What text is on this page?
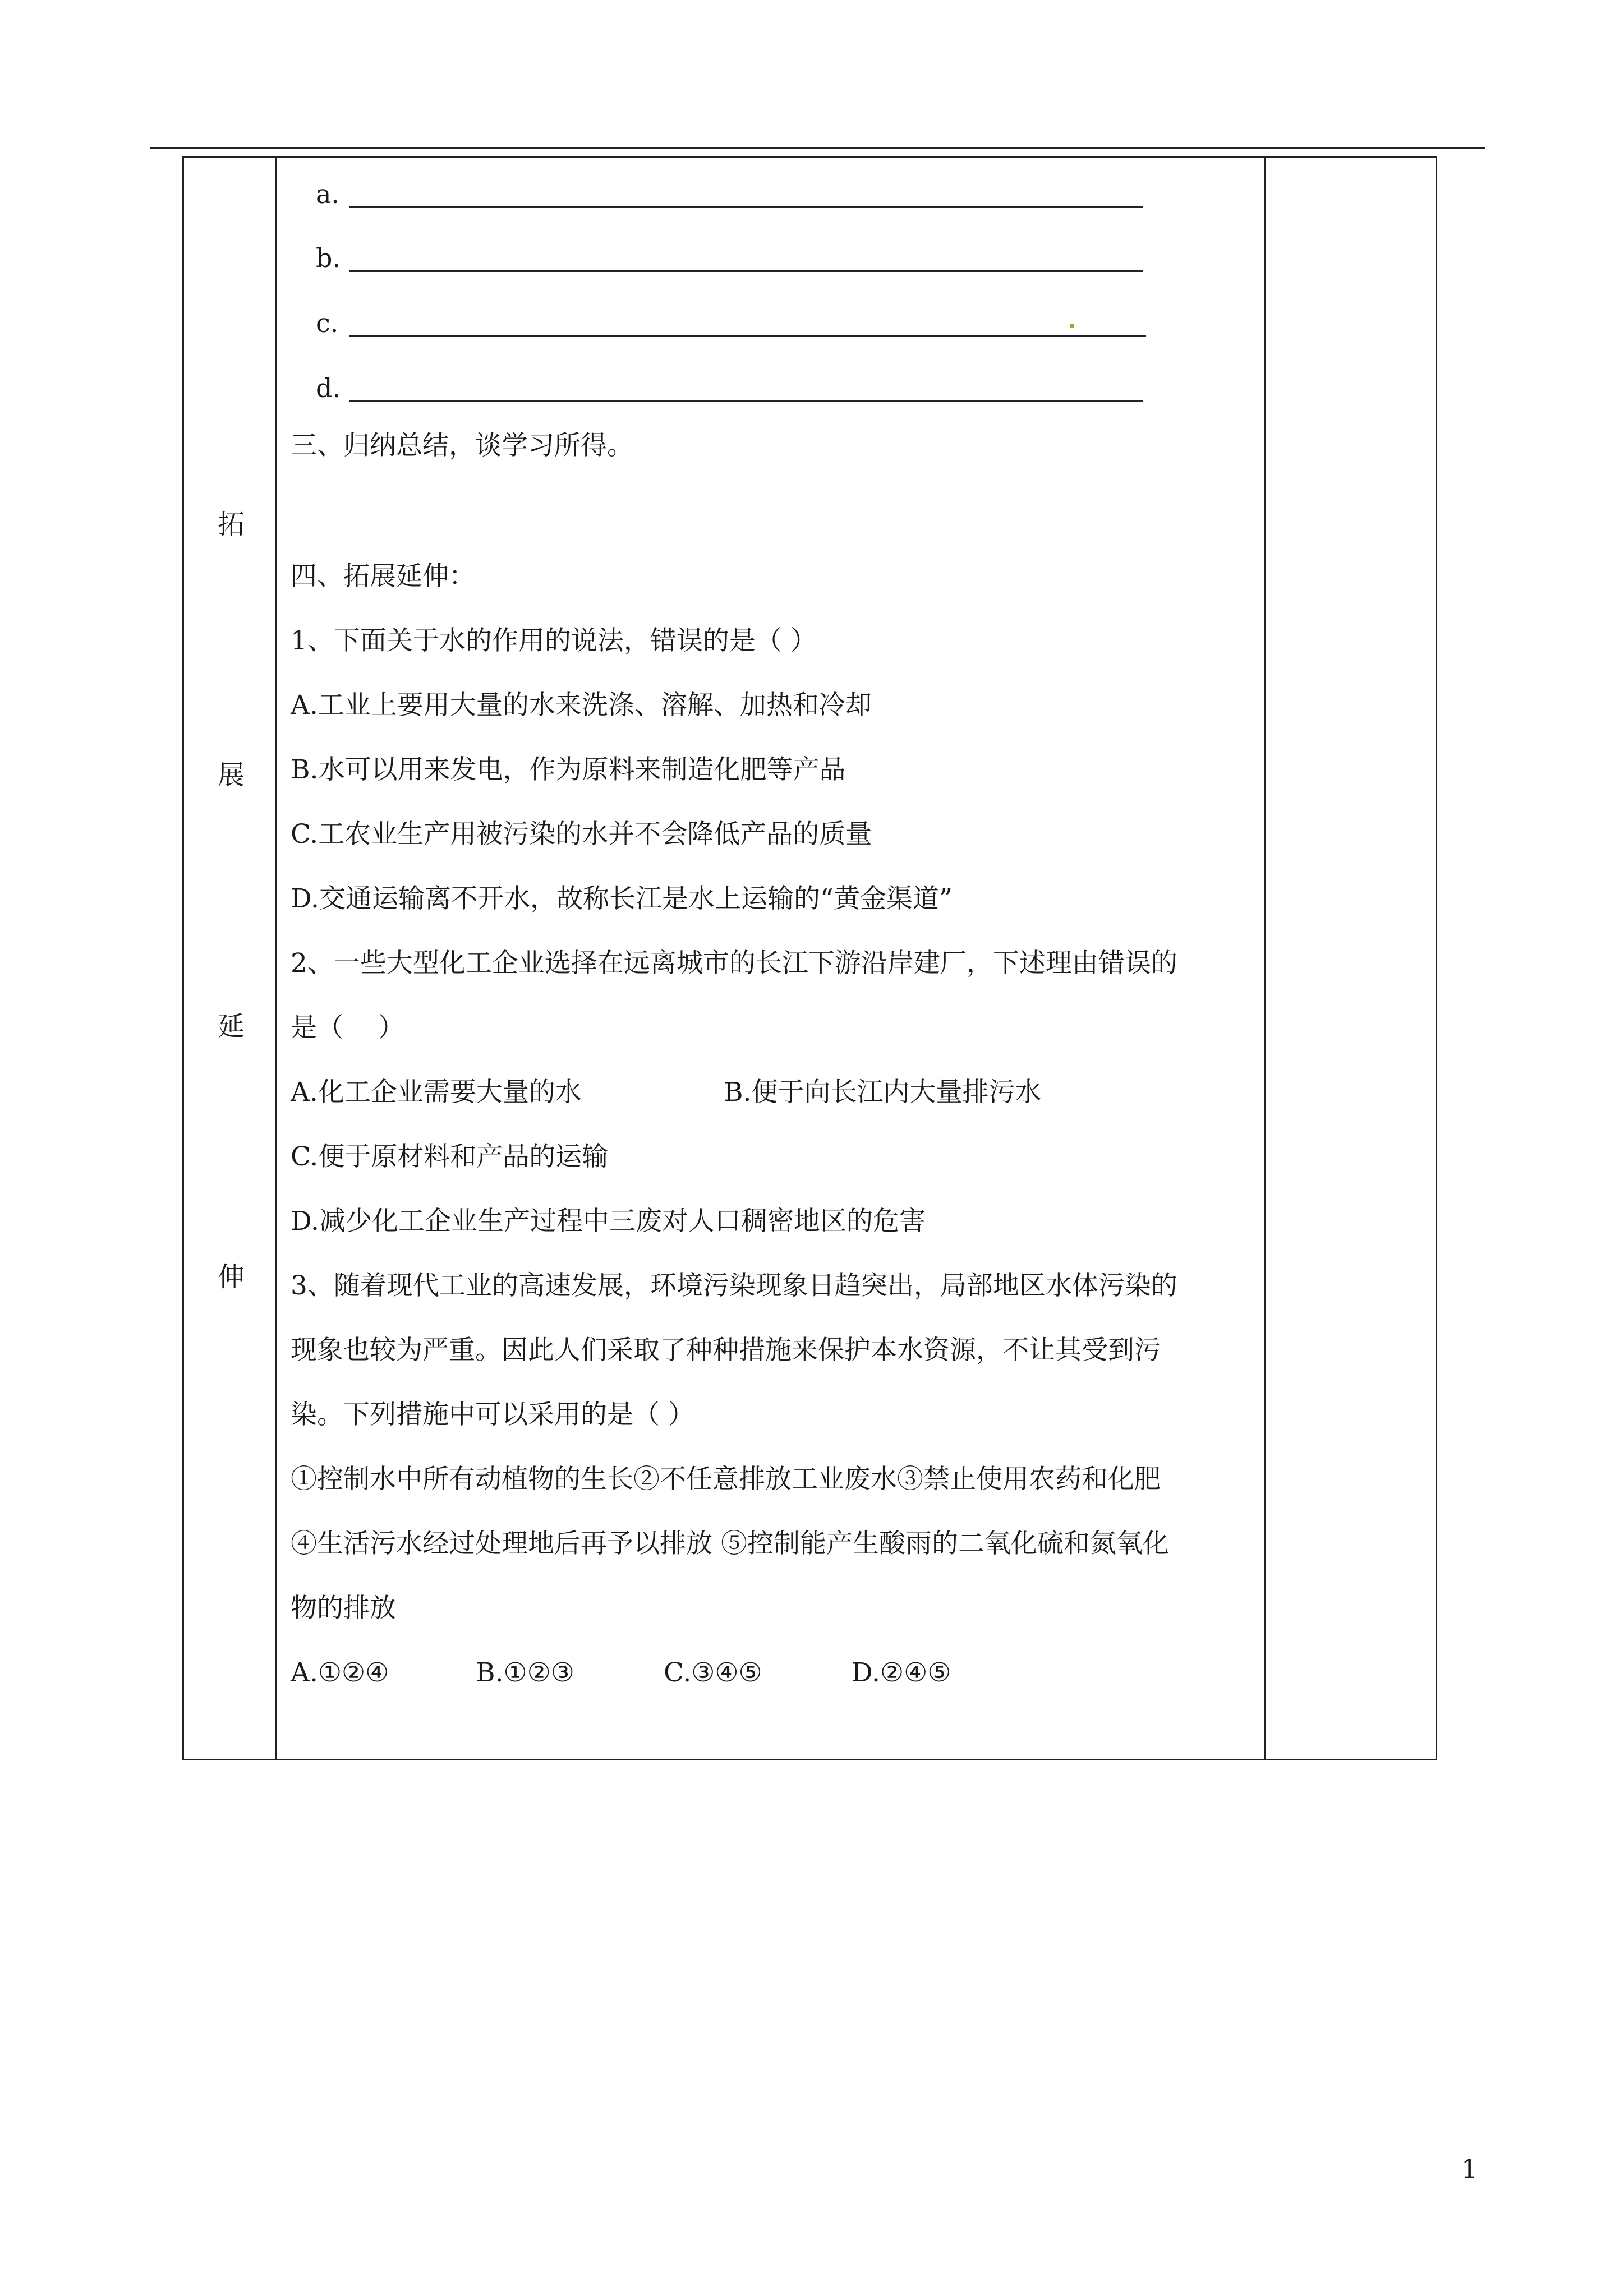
拓
展
延
伸
a.
b.
c.
d.
三、归纳总结，谈学习所得。
四、拓展延伸：
1、下面关于水的作用的说法，错误的是（ ）
A.工业上要用大量的水来洗涤、溶解、加热和冷却
B.水可以用来发电，作为原料来制造化肥等产品
C.工农业生产用被污染的水并不会降低产品的质量
D.交通运输离不开水，故称长江是水上运输的“黄金渠道”
2、一些大型化工企业选择在远离城市的长江下游沿岸建厂，下述理由错误的
是（　 ）
A.化工企业需要大量的水	B.便于向长江内大量排污水
C.便于原材料和产品的运输
D.减少化工企业生产过程中三废对人口稠密地区的危害
3、随着现代工业的高速发展，环境污染现象日趋突出，局部地区水体污染的
现象也较为严重。因此人们采取了种种措施来保护本水资源，不让其受到污
染。下列措施中可以采用的是（ ）
①控制水中所有动植物的生长②不任意排放工业废水③禁止使用农药和化肥
④生活污水经过处理地后再予以排放 ⑤控制能产生酸雨的二氧化硫和氮氧化
物的排放
A.①②④	B.①②③	C.③④⑤	D.②④⑤
1
